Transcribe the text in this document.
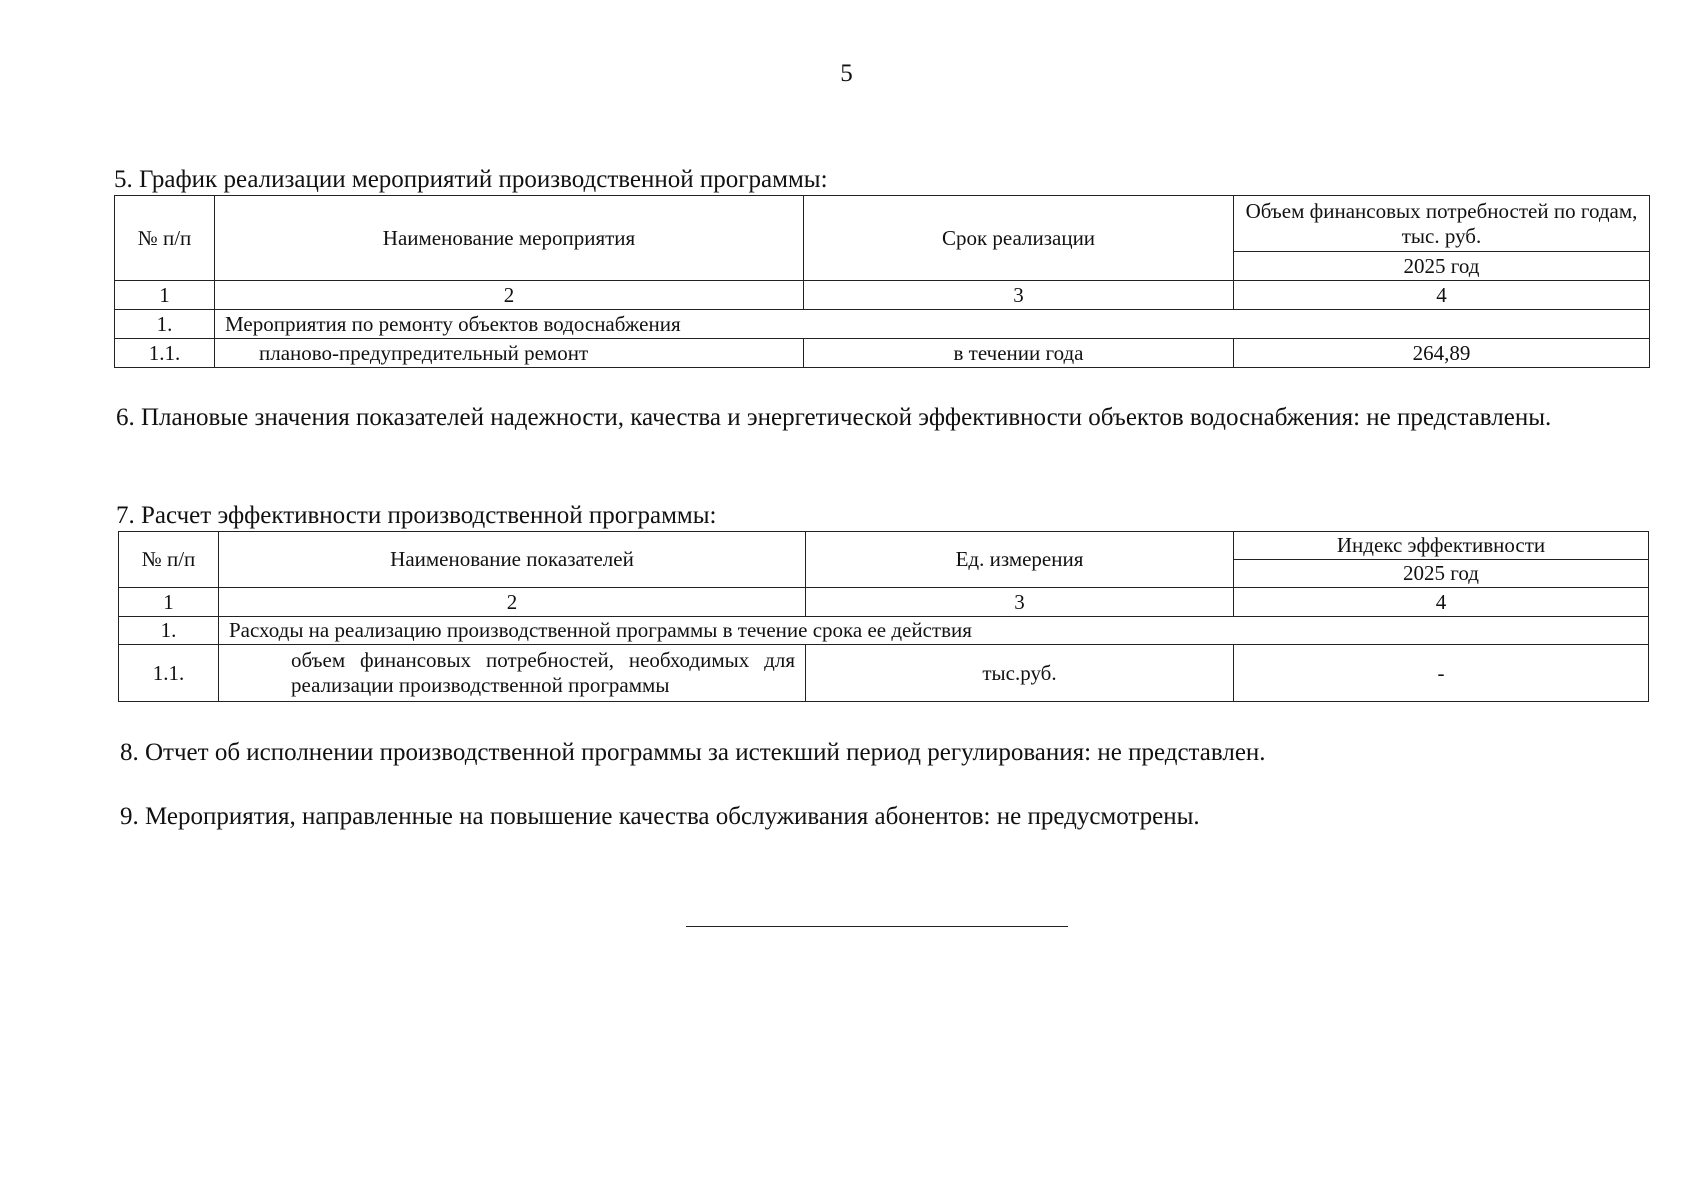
5
5. График реализации мероприятий производственной программы:
№ п/п	Наименование мероприятия	Срок реализации	Объем финансовых потребностей по годам, тыс. руб.
			2025 год
1	2	3	4
1.	Мероприятия по ремонту объектов водоснабжения		
1.1.	планово-предупредительный ремонт	в течении года	264,89
6. Плановые значения показателей надежности, качества и энергетической эффективности объектов водоснабжения: не представлены.
7. Расчет эффективности производственной программы:
№ п/п	Наименование показателей	Ед. измерения	Индекс эффективности
			2025 год
1	2	3	4
1.	Расходы на реализацию производственной программы в течение срока ее действия		
1.1.	объем финансовых потребностей, необходимых для реализации производственной программы	тыс.руб.	-
8. Отчет об исполнении производственной программы за истекший период регулирования: не представлен.
9. Мероприятия, направленные на повышение качества обслуживания абонентов: не предусмотрены.
